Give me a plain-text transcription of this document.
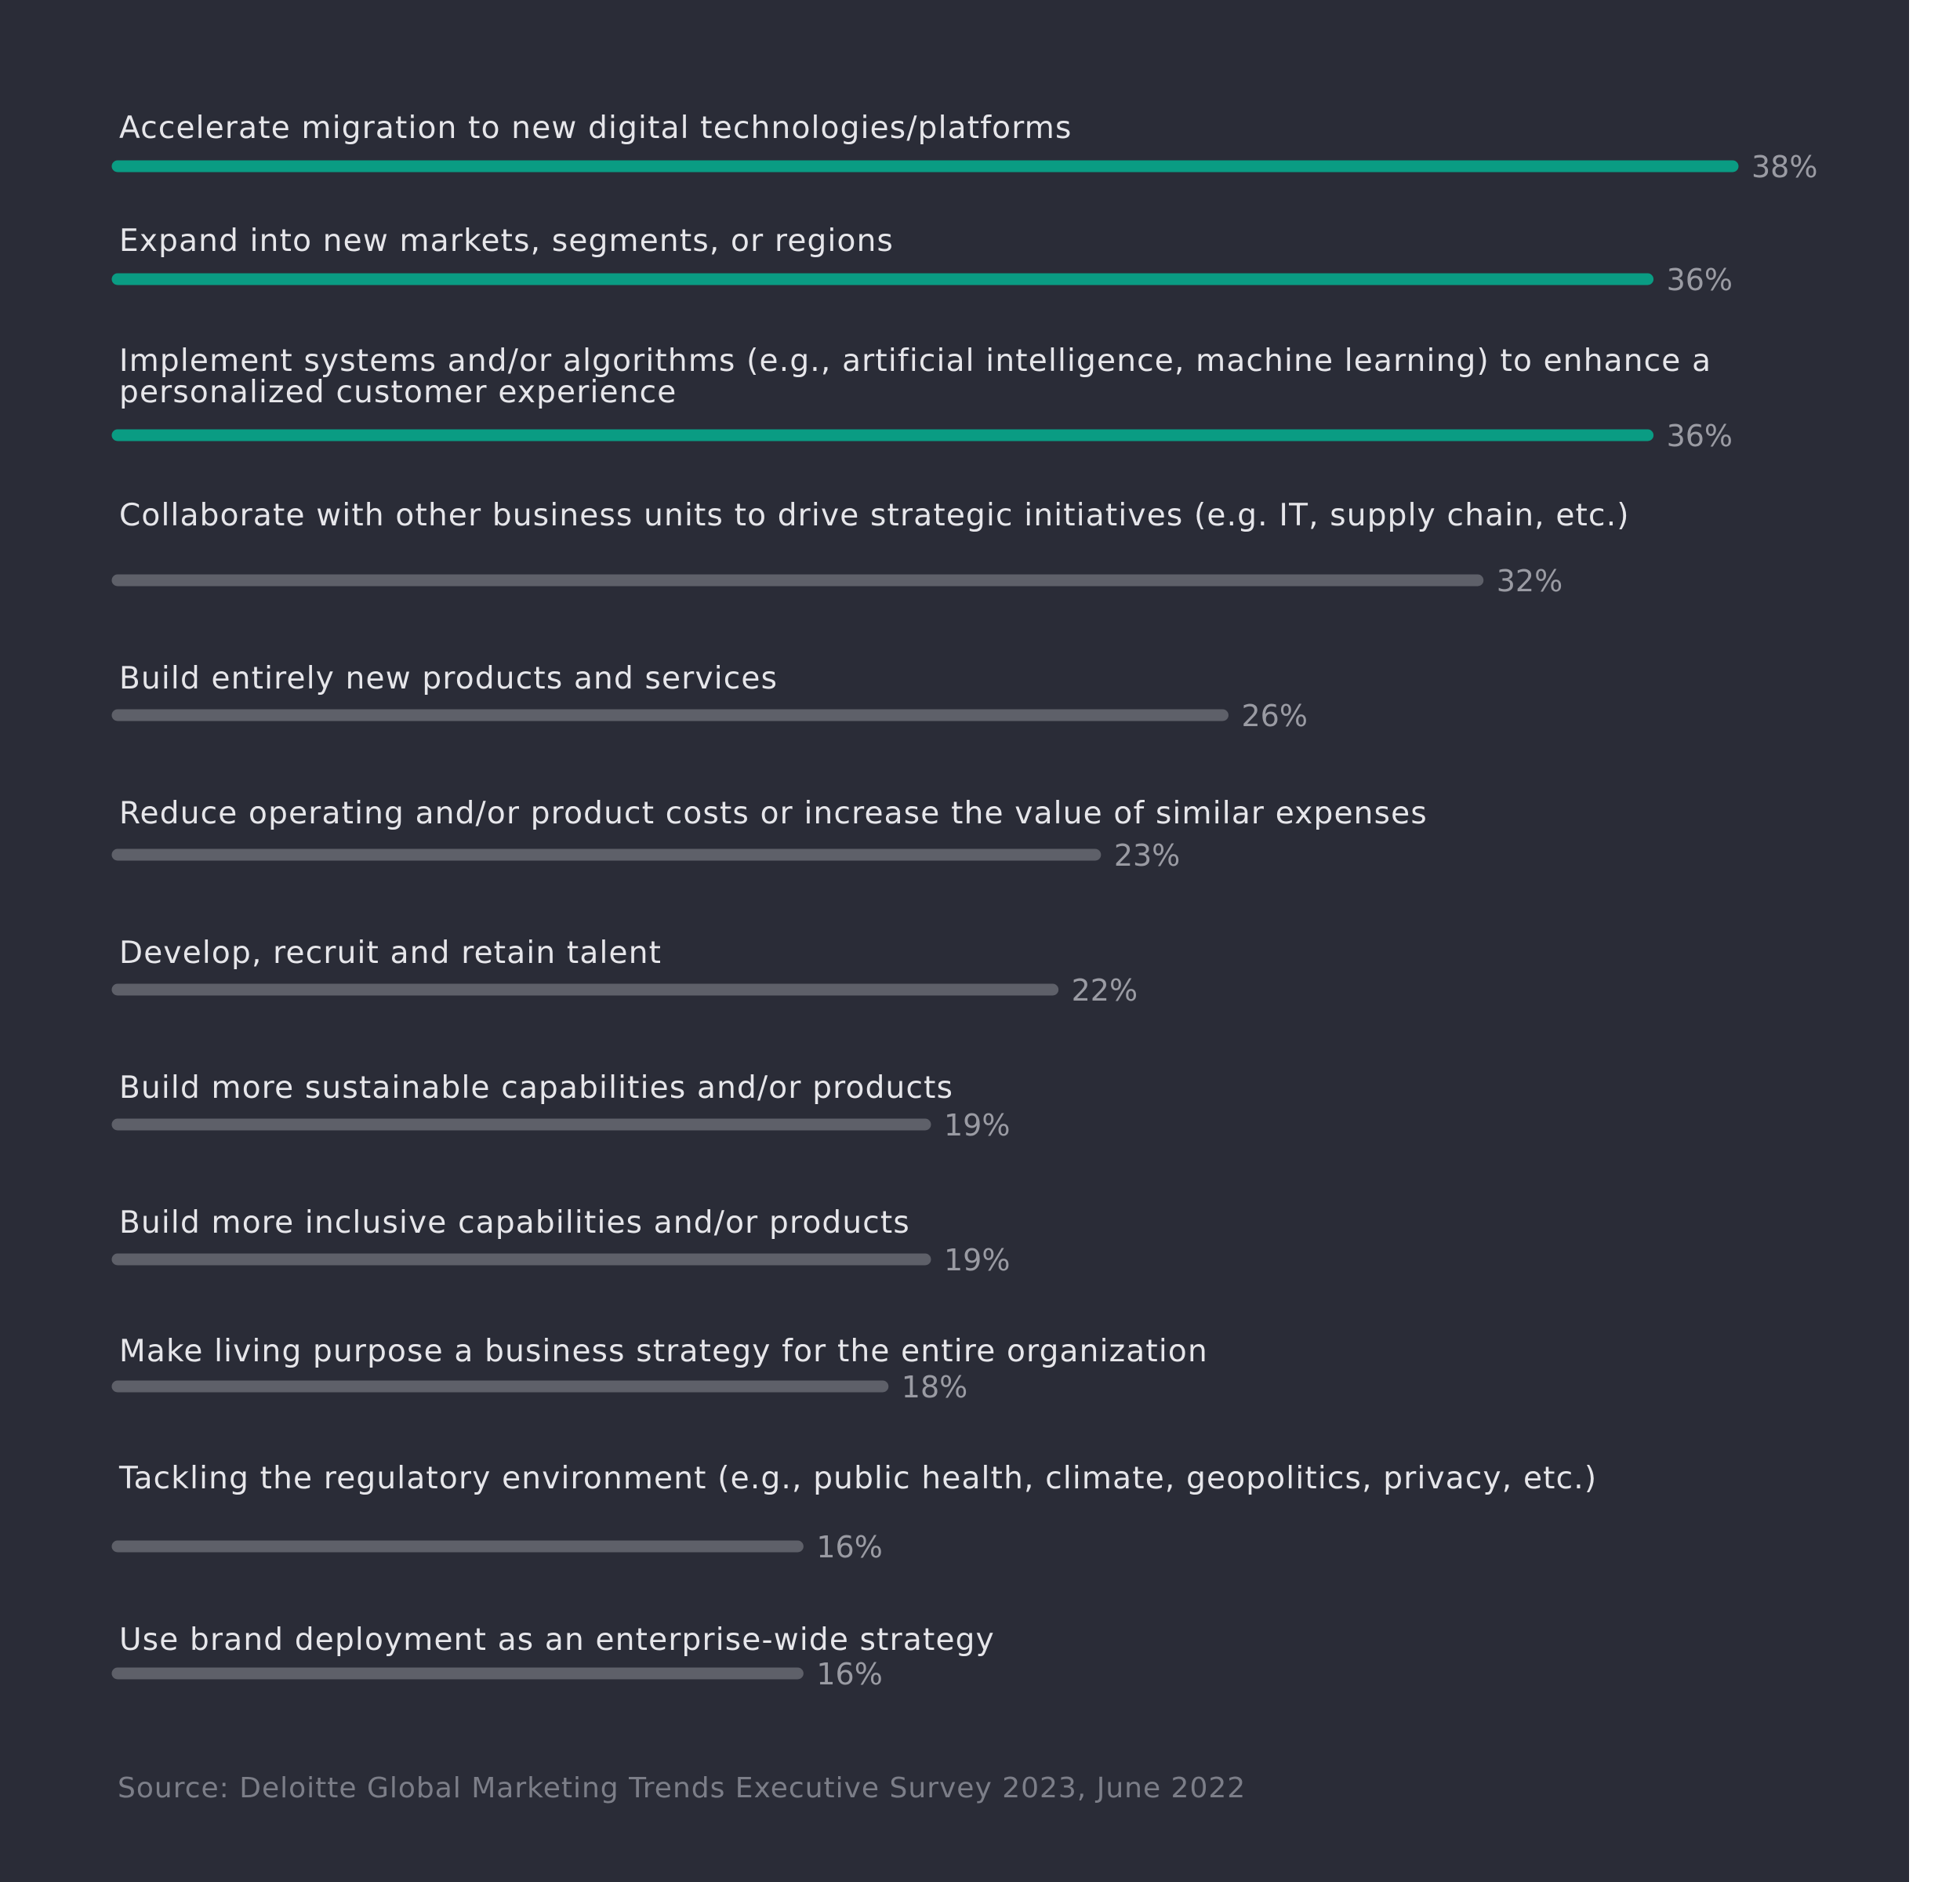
Accelerate migration to new digital technologies/platforms
38%
Expand into new markets, segments, or regions
36%
Implement systems and/or algorithms (e.g., artificial intelligence, machine learning) to enhance a
personalized customer experience
36%
Collaborate with other business units to drive strategic initiatives (e.g. IT, supply chain, etc.)
32%
Build entirely new products and services
26%
Reduce operating and/or product costs or increase the value of similar expenses
23%
Develop, recruit and retain talent
22%
Build more sustainable capabilities and/or products
19%
Build more inclusive capabilities and/or products
19%
Make living purpose a business strategy for the entire organization
18%
Tackling the regulatory environment (e.g., public health, climate, geopolitics, privacy, etc.)
16%
Use brand deployment as an enterprise-wide strategy
16%

Source: Deloitte Global Marketing Trends Executive Survey 2023, June 2022
